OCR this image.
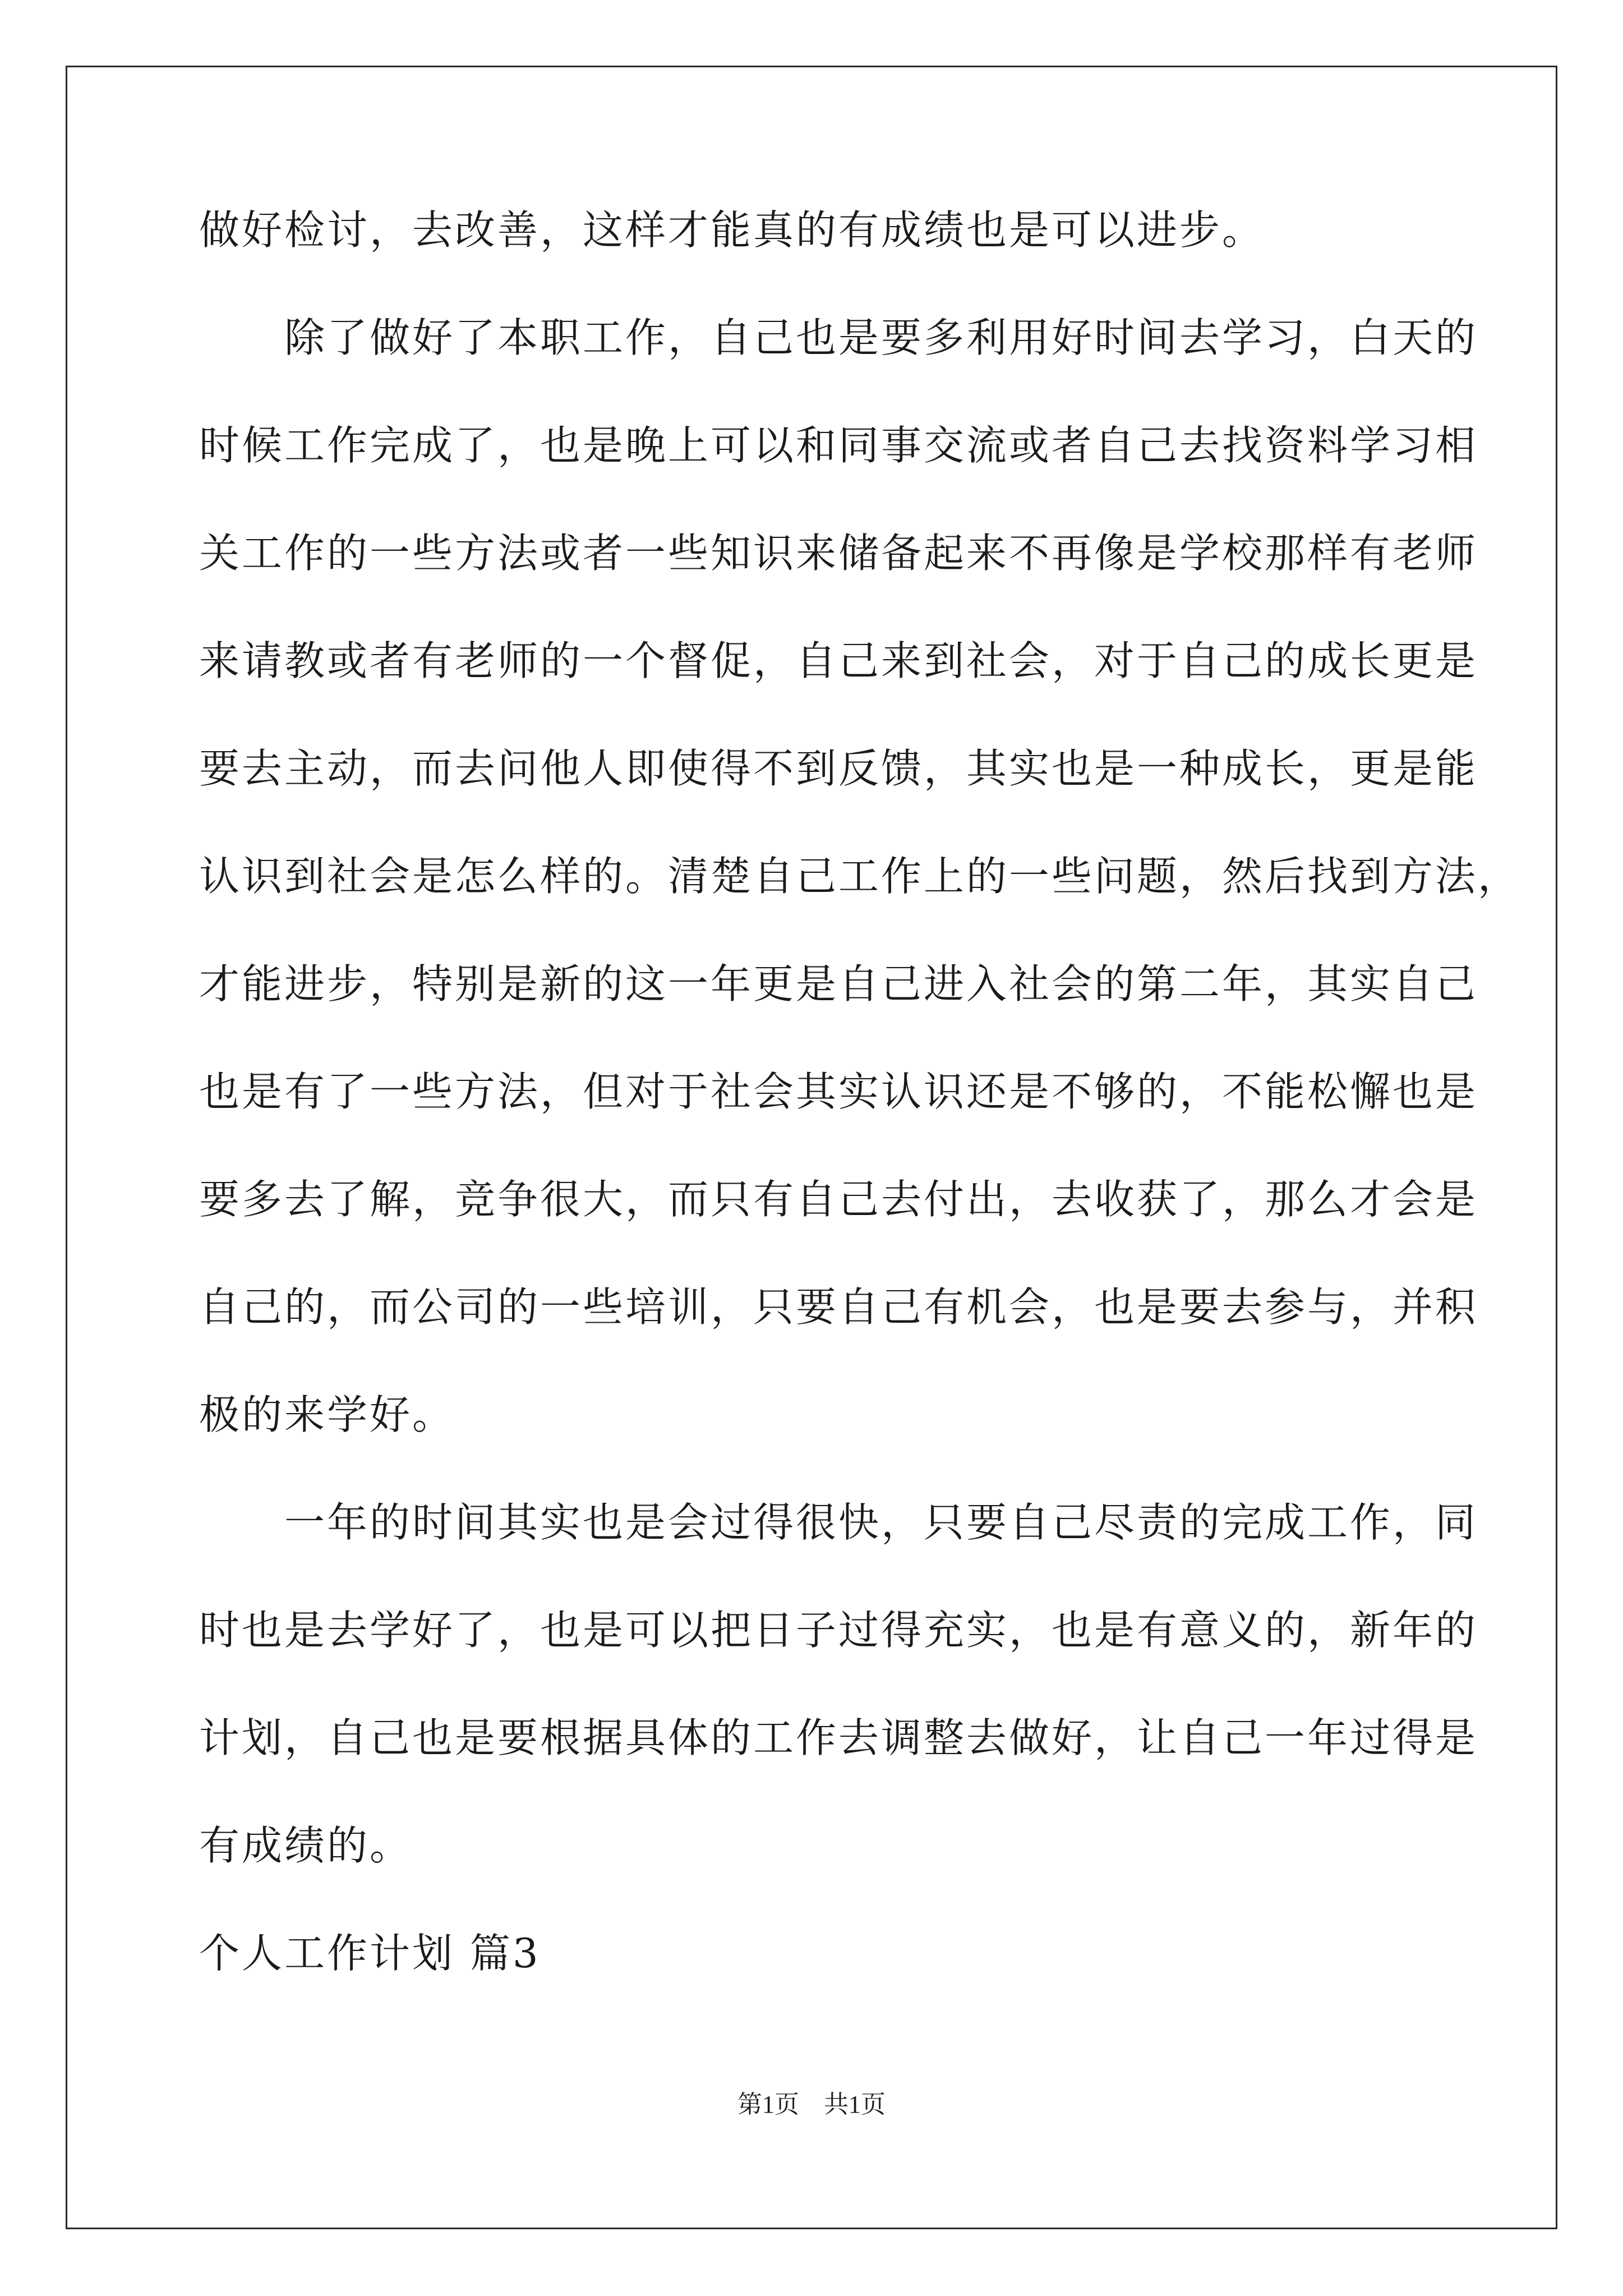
做好检讨，去改善，这样才能真的有成绩也是可以进步。
　　除了做好了本职工作，自己也是要多利用好时间去学习，白天的
时候工作完成了，也是晚上可以和同事交流或者自己去找资料学习相
关工作的一些方法或者一些知识来储备起来不再像是学校那样有老师
来请教或者有老师的一个督促，自己来到社会，对于自己的成长更是
要去主动，而去问他人即使得不到反馈，其实也是一种成长，更是能
认识到社会是怎么样的。清楚自己工作上的一些问题，然后找到方法，
才能进步，特别是新的这一年更是自己进入社会的第二年，其实自己
也是有了一些方法，但对于社会其实认识还是不够的，不能松懈也是
要多去了解，竞争很大，而只有自己去付出，去收获了，那么才会是
自己的，而公司的一些培训，只要自己有机会，也是要去参与，并积
极的来学好。
　　一年的时间其实也是会过得很快，只要自己尽责的完成工作，同
时也是去学好了，也是可以把日子过得充实，也是有意义的，新年的
计划，自己也是要根据具体的工作去调整去做好，让自己一年过得是
有成绩的。
个人工作计划 篇3
第1页　共1页
